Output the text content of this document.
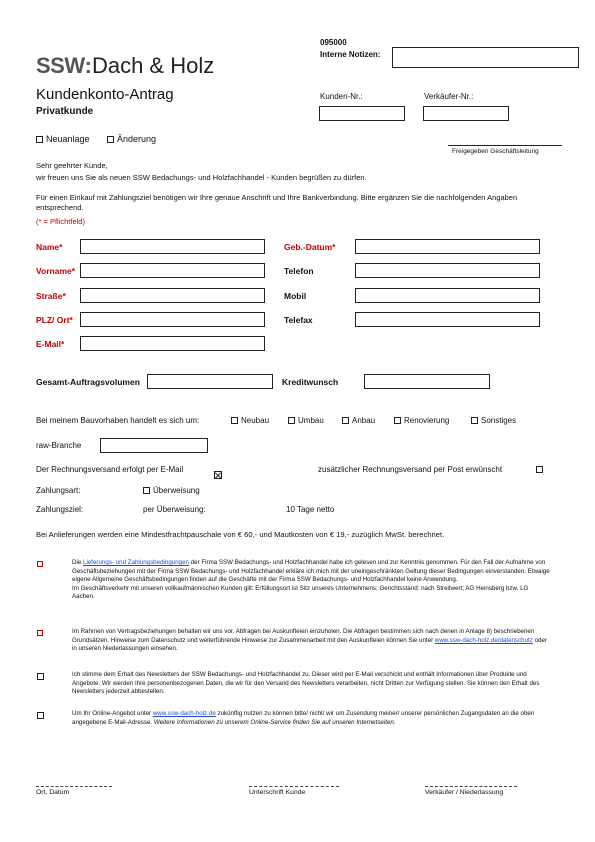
SSW:Dach & Holz
095000
Interne Notizen:
Kundenkonto-Antrag
Privatkunde
Kunden-Nr.:	Verkäufer-Nr.:
Neuanlage	Änderung
Freigegeben Geschäftsleitung
Sehr geehrter Kunde,
wir freuen uns Sie als neuen SSW Bedachungs- und Holzfachhandel - Kunden begrüßen zu dürfen.
Für einen Einkauf mit Zahlungsziel benötigen wir Ihre genaue Anschrift und Ihre Bankverbindung. Bitte ergänzen Sie die nachfolgenden Angaben entsprechend.
(* = Pflichtfeld)
Name*	Geb.-Datum*
Vorname*	Telefon
Straße*	Mobil
PLZ/ Ort*	Telefax
E-Mail*
Gesamt-Auftragsvolumen	Kreditwunsch
Bei meinem Bauvorhaben handelt es sich um:	Neubau	Umbau	Anbau	Renovierung	Sonstiges
raw-Branche
Der Rechnungsversand erfolgt per E-Mail	zusätzlicher Rechnungsversand per Post erwünscht
Zahlungsart:	Überweisung
Zahlungsziel:	per Überweisung:	10 Tage netto
Bei Anlieferungen werden eine Mindestfrachtpauschale von € 60,- und Mautkosten von € 19,- zuzüglich MwSt. berechnet.
Die Lieferungs- und Zahlungsbedingungen der Firma SSW Bedachungs- und Holzfachhandel habe ich gelesen und zur Kenntnis genommen. Für den Fall der Aufnahme von Geschäftsbeziehungen mit der Firma SSW Bedachungs- und Holzfachhandel erkläre ich mich mit der uneingeschränkten Geltung dieser Bedingungen einverstanden. Etwaige eigene Allgemeine Geschäftsbedingungen finden auf die Geschäfte mit der Firma SSW Bedachungs- und Holzfachhandel keine Anwendung.
Im Geschäftsverkehr mit unseren vollkaufmännischen Kunden gilt: Erfüllungsort ist Sitz unseres Unternehmens; Gerichtsstand: nach Streitwert; AG Heinsberg bzw. LG Aachen.
Im Rahmen von Vertragsbeziehungen behalten wir uns vor, Abfragen bei Auskunfteien einzuholen. Die Abfragen bestimmen sich nach denen in Anlage 8) beschriebenen Grundsätzen. Hinweise zum Datenschutz und weiterführende Hinweise zur Zusammenarbeit mit den Auskunfteien können Sie unter www.ssw-dach-holz.de/datenschutz oder in unseren Niederlassungen einsehen.
Ich stimme dem Erhalt des Newsletters der SSW Bedachungs- und Holzfachhandel zu. Dieser wird per E-Mail verschickt und enthält Informationen über Produkte und Angebote. Wir werden Ihre personenbezogenen Daten, die wir für den Versand des Newsletters verarbeiten, nicht Dritten zur Verfügung stellen. Sie können den Erhalt des Newsletters jederzeit abbestellen.
Um Ihr Online-Angebot unter www.ssw-dach-holz.de zukünftig nutzen zu können bitte/ nicht/ wir um Zusendung meiner/ unserer persönlichen Zugangsdaten an die oben angegebene E-Mail-Adresse. Weitere Informationen zu unserem Online-Service finden Sie auf unseren Internetseiten.
Ort, Datum	Unterschrift Kunde	Verkäufer / Niederlassung
